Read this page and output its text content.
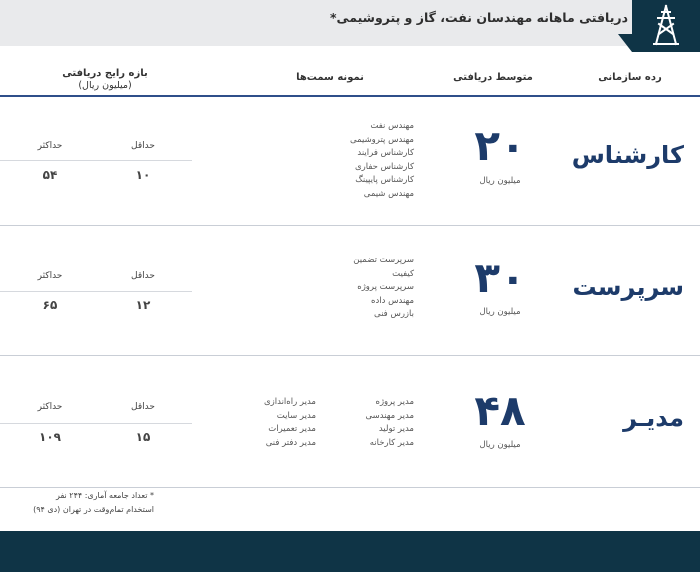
دریافتی ماهانه مهندسان نفت، گاز و پتروشیمی*
رده سازمانی
متوسط دریافتی
نمونه سمت‌ها
بازه رایج دریافتی
(میلیون ریال)
کارشناس
۲۰
میلیون ریال
مهندس نفت
مهندس پتروشیمی
کارشناس فرایند
کارشناس حفاری
کارشناس پایپینگ
مهندس شیمی
حداقل
حداکثر
۱۰
۵۴
سرپرست
۳۰
میلیون ریال
سرپرست تضمین
کیفیت
سرپرست پروژه
مهندس داده
بازرس فنی
حداقل
حداکثر
۱۲
۶۵
مدیـر
۴۸
میلیون ریال
مدیر پروژه
مدیر مهندسی
مدیر تولید
مدیر کارخانه
مدیر راه‌اندازی
مدیر سایت
مدیر تعمیرات
مدیر دفتر فنی
حداقل
حداکثر
۱۵
۱۰۹
* تعداد جامعه آماری: ۲۴۴ نفر
استخدام تمام‌وقت در تهران (دی ۹۴)
